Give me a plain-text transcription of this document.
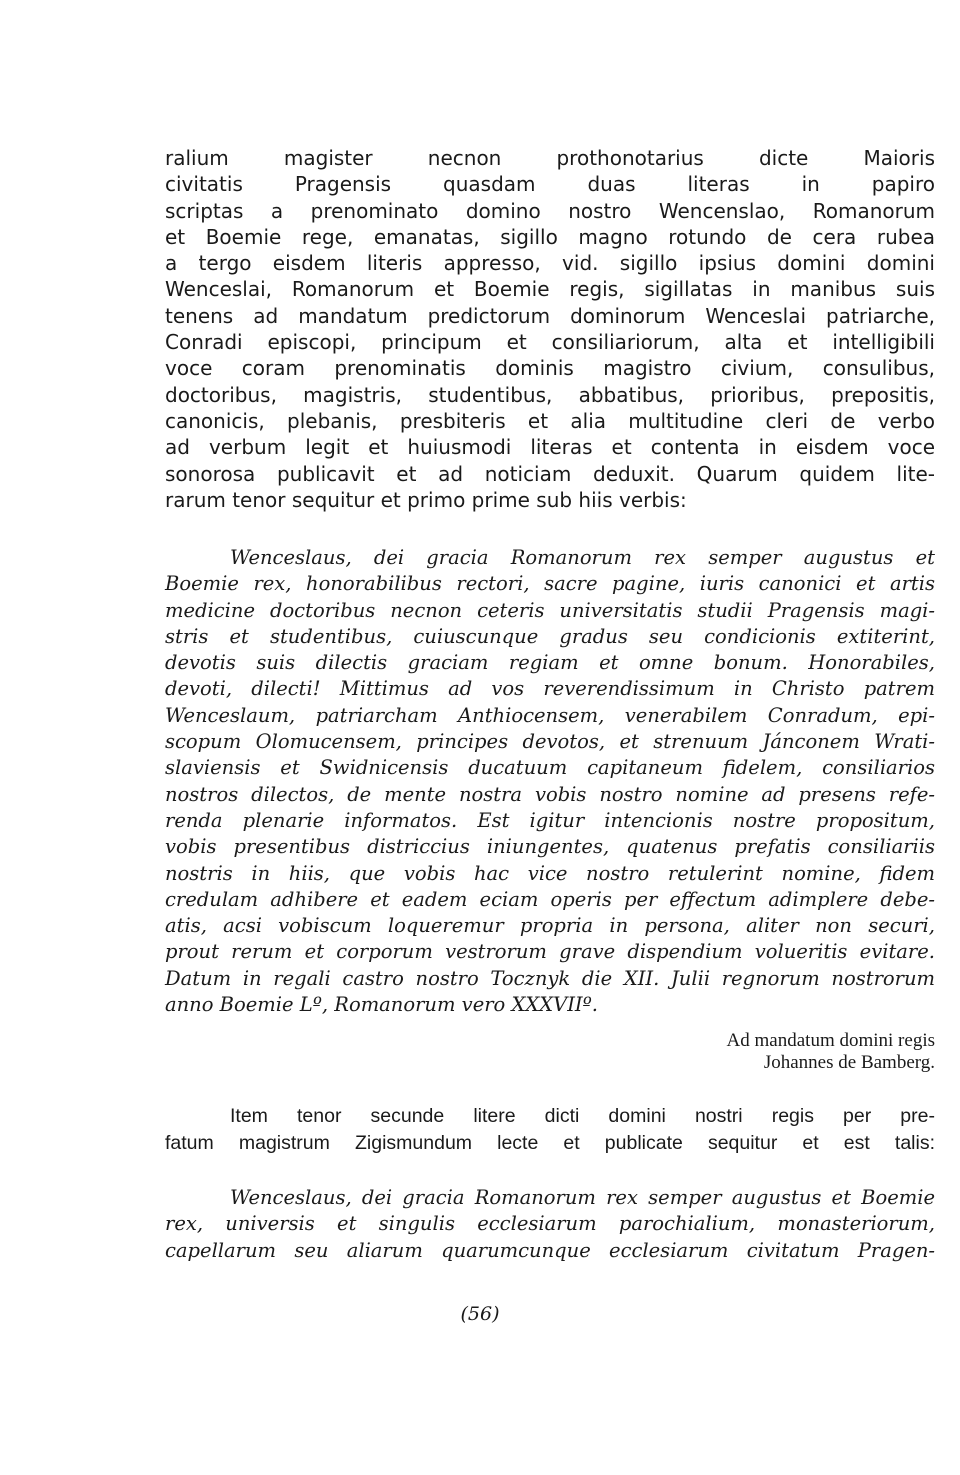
ralium magister necnon prothonotarius dicte Maioris
civitatis Pragensis quasdam duas literas in papiro
scriptas a prenominato domino nostro Wencenslao, Romanorum
et Boemie rege, emanatas, sigillo magno rotundo de cera rubea
a tergo eisdem literis appresso, vid. sigillo ipsius domini domini
Wenceslai, Romanorum et Boemie regis, sigillatas in manibus suis
tenens ad mandatum predictorum dominorum Wenceslai patriarche,
Conradi episcopi, principum et consiliariorum, alta et intelligibili
voce coram prenominatis dominis magistro civium, consulibus,
doctoribus, magistris, studentibus, abbatibus, prioribus, prepositis,
canonicis, plebanis, presbiteris et alia multitudine cleri de verbo
ad verbum legit et huiusmodi literas et contenta in eisdem voce
sonorosa publicavit et ad noticiam deduxit. Quarum quidem lite-
rarum tenor sequitur et primo prime sub hiis verbis:
Wenceslaus, dei gracia Romanorum rex semper augustus et
Boemie rex, honorabilibus rectori, sacre pagine, iuris canonici et artis
medicine doctoribus necnon ceteris universitatis studii Pragensis magi-
stris et studentibus, cuiuscunque gradus seu condicionis extiterint,
devotis suis dilectis graciam regiam et omne bonum. Honorabiles,
devoti, dilecti! Mittimus ad vos reverendissimum in Christo patrem
Wenceslaum, patriarcham Anthiocensem, venerabilem Conradum, epi-
scopum Olomucensem, principes devotos, et strenuum Jánconem Wrati-
slaviensis et Swidnicensis ducatuum capitaneum fidelem, consiliarios
nostros dilectos, de mente nostra vobis nostro nomine ad presens refe-
renda plenarie informatos. Est igitur intencionis nostre propositum,
vobis presentibus districcius iniungentes, quatenus prefatis consiliariis
nostris in hiis, que vobis hac vice nostro retulerint nomine, fidem
credulam adhibere et eadem eciam operis per effectum adimplere debe-
atis, acsi vobiscum loqueremur propria in persona, aliter non securi,
prout rerum et corporum vestrorum grave dispendium volueritis evitare.
Datum in regali castro nostro Tocznyk die XII. Julii regnorum nostrorum
anno Boemie Lº, Romanorum vero XXXVIIº.
Ad mandatum domini regis
Johannes de Bamberg.
Item tenor secunde litere dicti domini nostri regis per pre-
fatum magistrum Zigismundum lecte et publicate sequitur et est talis:
Wenceslaus, dei gracia Romanorum rex semper augustus et Boemie
rex, universis et singulis ecclesiarum parochialium, monasteriorum,
capellarum seu aliarum quarumcunque ecclesiarum civitatum Pragen-
(56)
